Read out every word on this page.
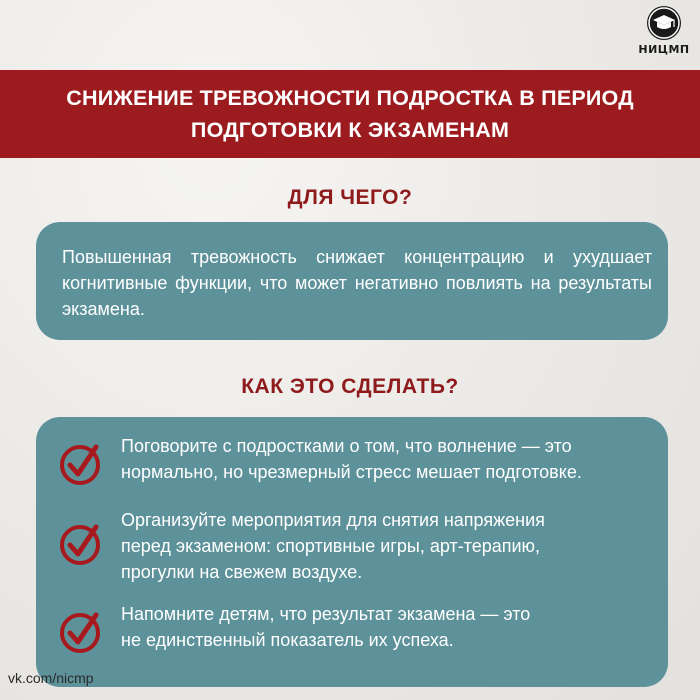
НИЦМП
СНИЖЕНИЕ ТРЕВОЖНОСТИ ПОДРОСТКА В ПЕРИОД
ПОДГОТОВКИ К ЭКЗАМЕНАМ
ДЛЯ ЧЕГО?

Повышенная тревожность снижает концентрацию и ухудшает когнитивные функции, что может негативно повлиять на результаты экзамена.

КАК ЭТО СДЕЛАТЬ?

Поговорите с подростками о том, что волнение — это
нормально, но чрезмерный стресс мешает подготовке.

Организуйте мероприятия для снятия напряжения
перед экзаменом: спортивные игры, арт-терапию,
прогулки на свежем воздухе.

Напомните детям, что результат экзамена — это
не единственный показатель их успеха.

vk.com/nicmp
